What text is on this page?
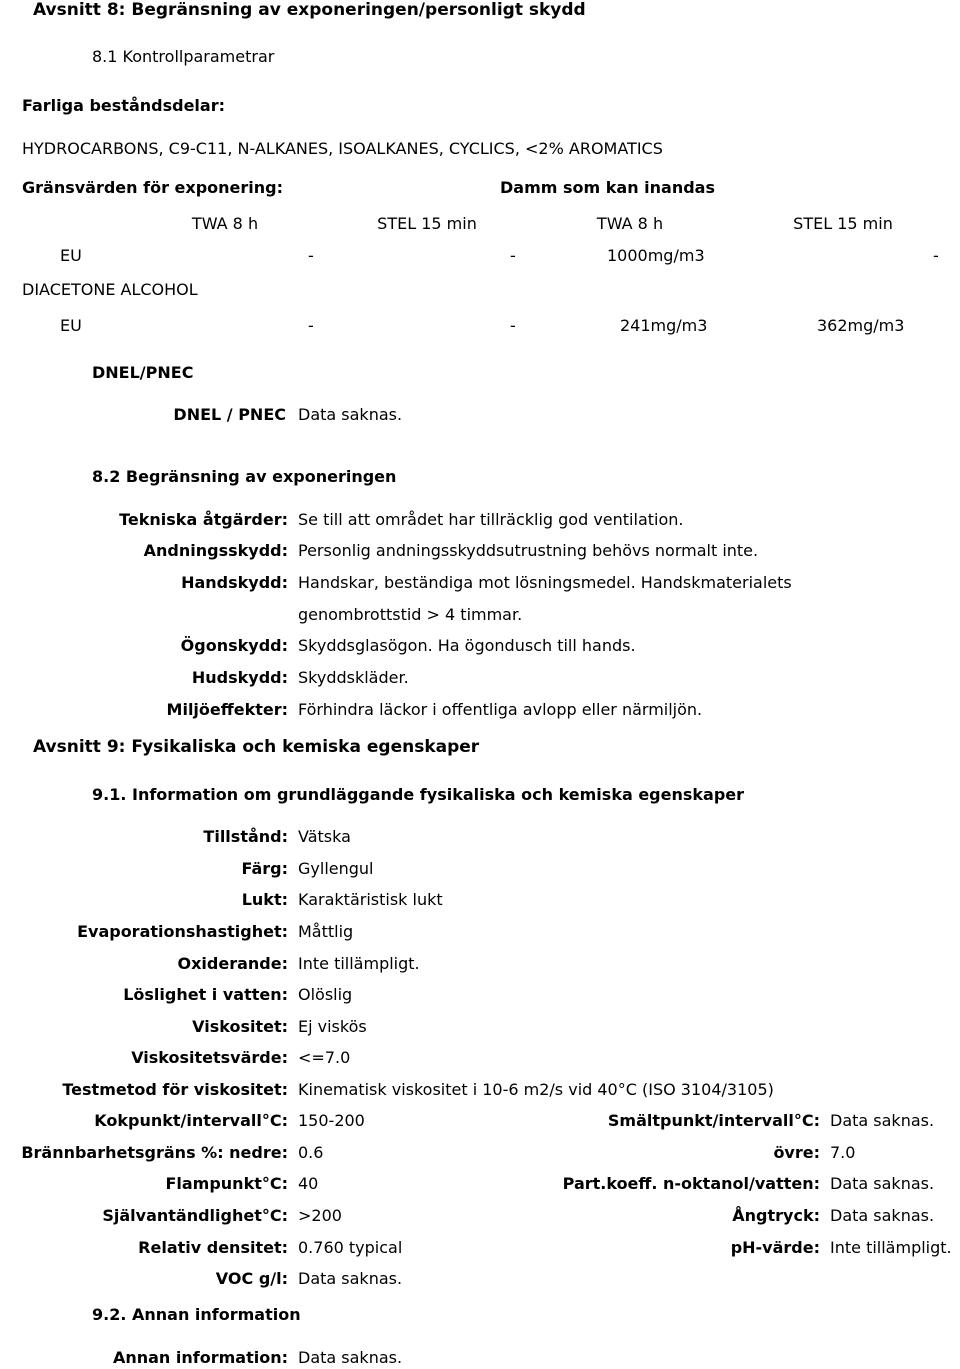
Avsnitt 8: Begränsning av exponeringen/personligt skydd
8.1 Kontrollparametrar
Farliga beståndsdelar:
HYDROCARBONS, C9-C11, N-ALKANES, ISOALKANES, CYCLICS, <2% AROMATICS
Gränsvärden för exponering:	Damm som kan inandas
TWA 8 h	STEL 15 min	TWA 8 h	STEL 15 min
EU	-	-	1000mg/m3	-
DIACETONE ALCOHOL
EU	-	-	241mg/m3	362mg/m3
DNEL/PNEC
DNEL / PNEC Data saknas.
8.2 Begränsning av exponeringen
Tekniska åtgärder: Se till att området har tillräcklig god ventilation.
Andningsskydd: Personlig andningsskyddsutrustning behövs normalt inte.
Handskydd: Handskar, beständiga mot lösningsmedel. Handskmaterialets
genombrottstid > 4 timmar.
Ögonskydd: Skyddsglasögon. Ha ögondusch till hands.
Hudskydd: Skyddskläder.
Miljöeffekter: Förhindra läckor i offentliga avlopp eller närmiljön.
Avsnitt 9: Fysikaliska och kemiska egenskaper
9.1. Information om grundläggande fysikaliska och kemiska egenskaper
Tillstånd: Vätska
Färg: Gyllengul
Lukt: Karaktäristisk lukt
Evaporationshastighet: Måttlig
Oxiderande: Inte tillämpligt.
Löslighet i vatten: Olöslig
Viskositet: Ej viskös
Viskositetsvärde: <=7.0
Testmetod för viskositet: Kinematisk viskositet i 10-6 m2/s vid 40°C (ISO 3104/3105)
Kokpunkt/intervall°C: 150-200	Smältpunkt/intervall°C: Data saknas.
Brännbarhetsgräns %: nedre: 0.6	övre: 7.0
Flampunkt°C: 40	Part.koeff. n-oktanol/vatten: Data saknas.
Självantändlighet°C: >200	Ångtryck: Data saknas.
Relativ densitet: 0.760 typical	pH-värde: Inte tillämpligt.
VOC g/l: Data saknas.
9.2. Annan information
Annan information: Data saknas.
